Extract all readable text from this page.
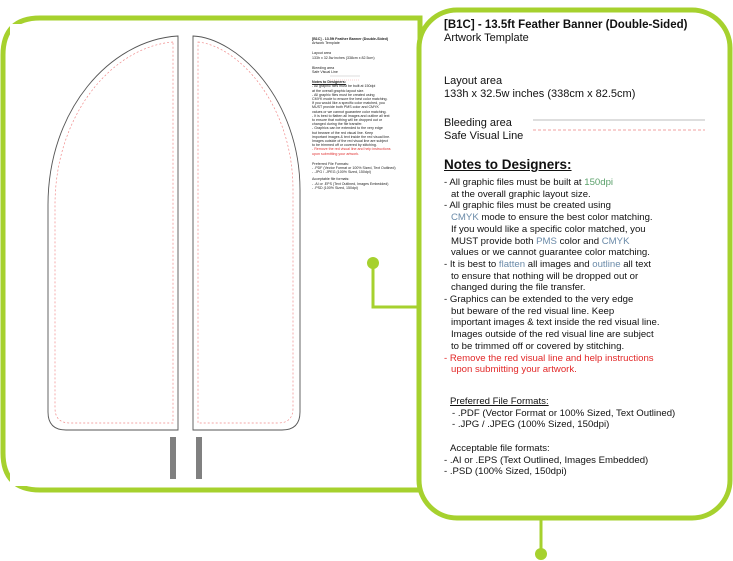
[B1C] - 13.5ft Feather Banner (Double-Sided)
Artwork Template
Layout area
133h x 32.5w inches (338cm x 82.5cm)
Bleeding area
Safe Visual Line
Notes to Designers:
- All graphic files must be built at 150dpi
at the overall graphic layout size.
- All graphic files must be created using
CMYK mode to ensure the best color matching.
If you would like a specific color matched, you
MUST provide both PMS color and CMYK
values or we cannot guarantee color matching.
- It is best to flatten all images and outline all text
to ensure that nothing will be dropped out or
changed during the file transfer.
- Graphics can be extended to the very edge
but beware of the red visual line. Keep
important images & text inside the red visual line.
Images outside of the red visual line are subject
to be trimmed off or covered by stitching.
- Remove the red visual line and help instructions
upon submitting your artwork.
Preferred File Formats:
- .PDF (Vector Format or 100% Sized, Text Outlined)
- .JPG / .JPEG (100% Sized, 150dpi)
Acceptable file formats:
- .AI or .EPS (Text Outlined, Images Embedded)
- .PSD (100% Sized, 150dpi)
[B1C] - 13.5ft Feather Banner (Double-Sided)
Artwork Template
Layout area
133h x 32.5w inches (338cm x 82.5cm)
Bleeding area
Safe Visual Line
Notes to Designers:
- All graphic files must be built at 150dpi
at the overall graphic layout size.
- All graphic files must be created using
CMYK mode to ensure the best color matching.
If you would like a specific color matched, you
MUST provide both PMS color and CMYK
values or we cannot guarantee color matching.
- It is best to flatten all images and outline all text
to ensure that nothing will be dropped out or
changed during the file transfer.
- Graphics can be extended to the very edge
but beware of the red visual line. Keep
important images & text inside the red visual line.
Images outside of the red visual line are subject
to be trimmed off or covered by stitching.
- Remove the red visual line and help instructions
upon submitting your artwork.
Preferred File Formats:
- .PDF (Vector Format or 100% Sized, Text Outlined)
- .JPG / .JPEG (100% Sized, 150dpi)
Acceptable file formats:
- .AI or .EPS (Text Outlined, Images Embedded)
- .PSD (100% Sized, 150dpi)
